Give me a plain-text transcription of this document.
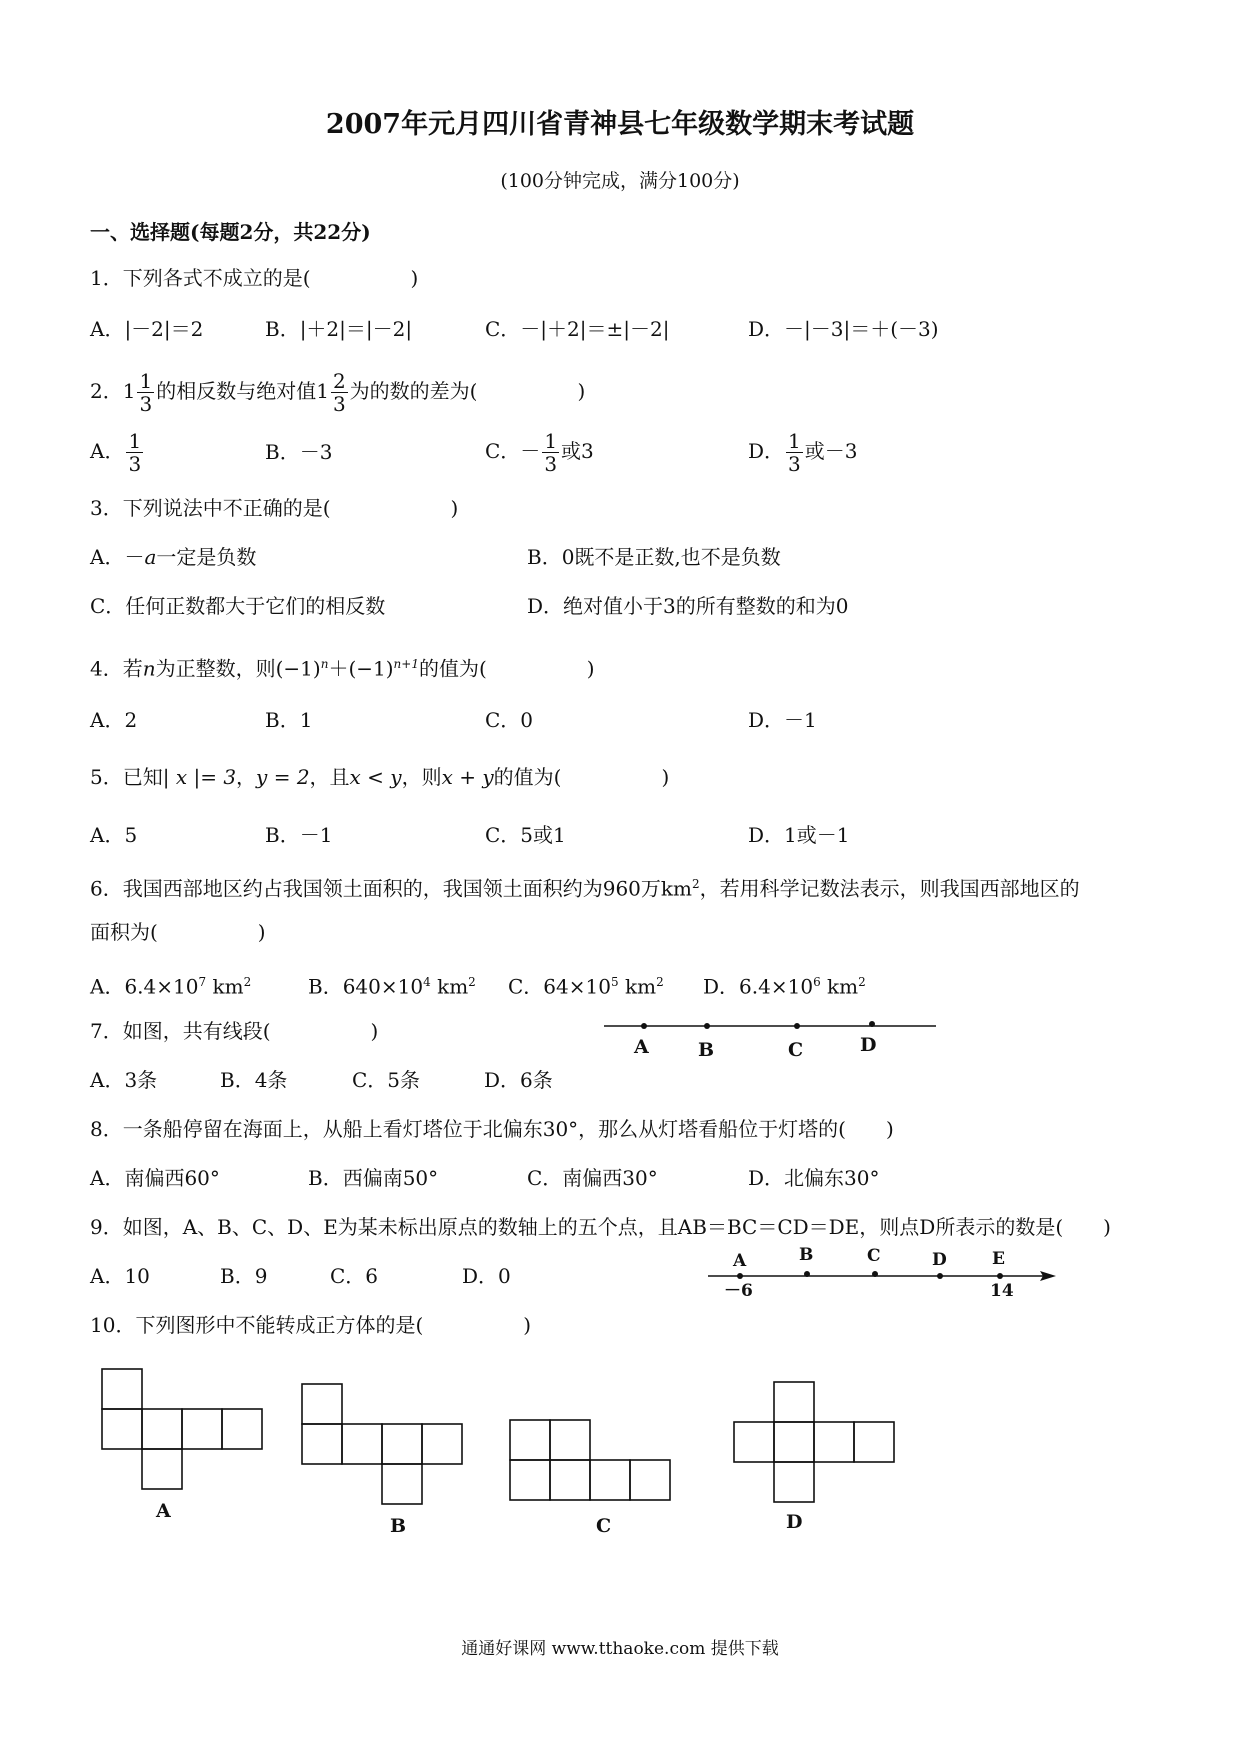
2007年元月四川省青神县七年级数学期末考试题
(100分钟完成，满分100分)
一、选择题(每题2分，共22分)
1．下列各式不成立的是(　　　　　)
A．|－2|＝2	B．|＋2|＝|－2|	C．－|＋2|＝±|－2|	D．－|－3|＝＋(－3)
2．$1 \frac{1}{3}$ 的相反数与绝对值$1 \frac{2}{3}$ 为的数的差为(　　　　　)
A． $\frac{1}{3}$	B．－3	C．－ $\frac{1}{3}$ 或3	D． $\frac{1}{3}$ 或－3
3．下列说法中不正确的是(　　　　　　)
A．－a一定是负数	B．0既不是正数,也不是负数
C．任何正数都大于它们的相反数	D．绝对值小于3的所有整数的和为0
4．若n为正整数，则$(-1)^n+(-1)^{n+1}$的值为(　　　　　)
A．2	B．1	C．0	D．－1
5．已知| x |= 3，y = 2，且x < y，则x + y的值为(　　　　　)
A．5	B．－1	C．5或1	D．1或－1
6．我国西部地区约占我国领土面积的，我国领土面积约为960万$km^2$，若用科学记数法表示，则我国西部地区的
面积为(　　　　　)
A．$6.4\times 10^7$ $km^2$	B．$640\times 10^4$ $km^2$ C．$64\times 10^5$ $km^2$ D．$6.4\times 10^6$ $km^2$
7．如图，共有线段(　　　　　)
A	B	C	D
A．3条	B．4条	C．5条	D．6条
8．一条船停留在海面上，从船上看灯塔位于北偏东30°，那么从灯塔看船位于灯塔的(　　)
A．南偏西60°	B．西偏南50°	C．南偏西30°	D．北偏东30°
9．如图，A、B、C、D、E为某未标出原点的数轴上的五个点，且AB＝BC＝CD＝DE，则点D所表示的数是(　　)
A．10	B．9	C．6	D．0
A	B	C	D	E
－6	14
10．下列图形中不能转成正方体的是(　　　　　)
A
B	C	D
通通好课网 www.tthaoke.com 提供下载
